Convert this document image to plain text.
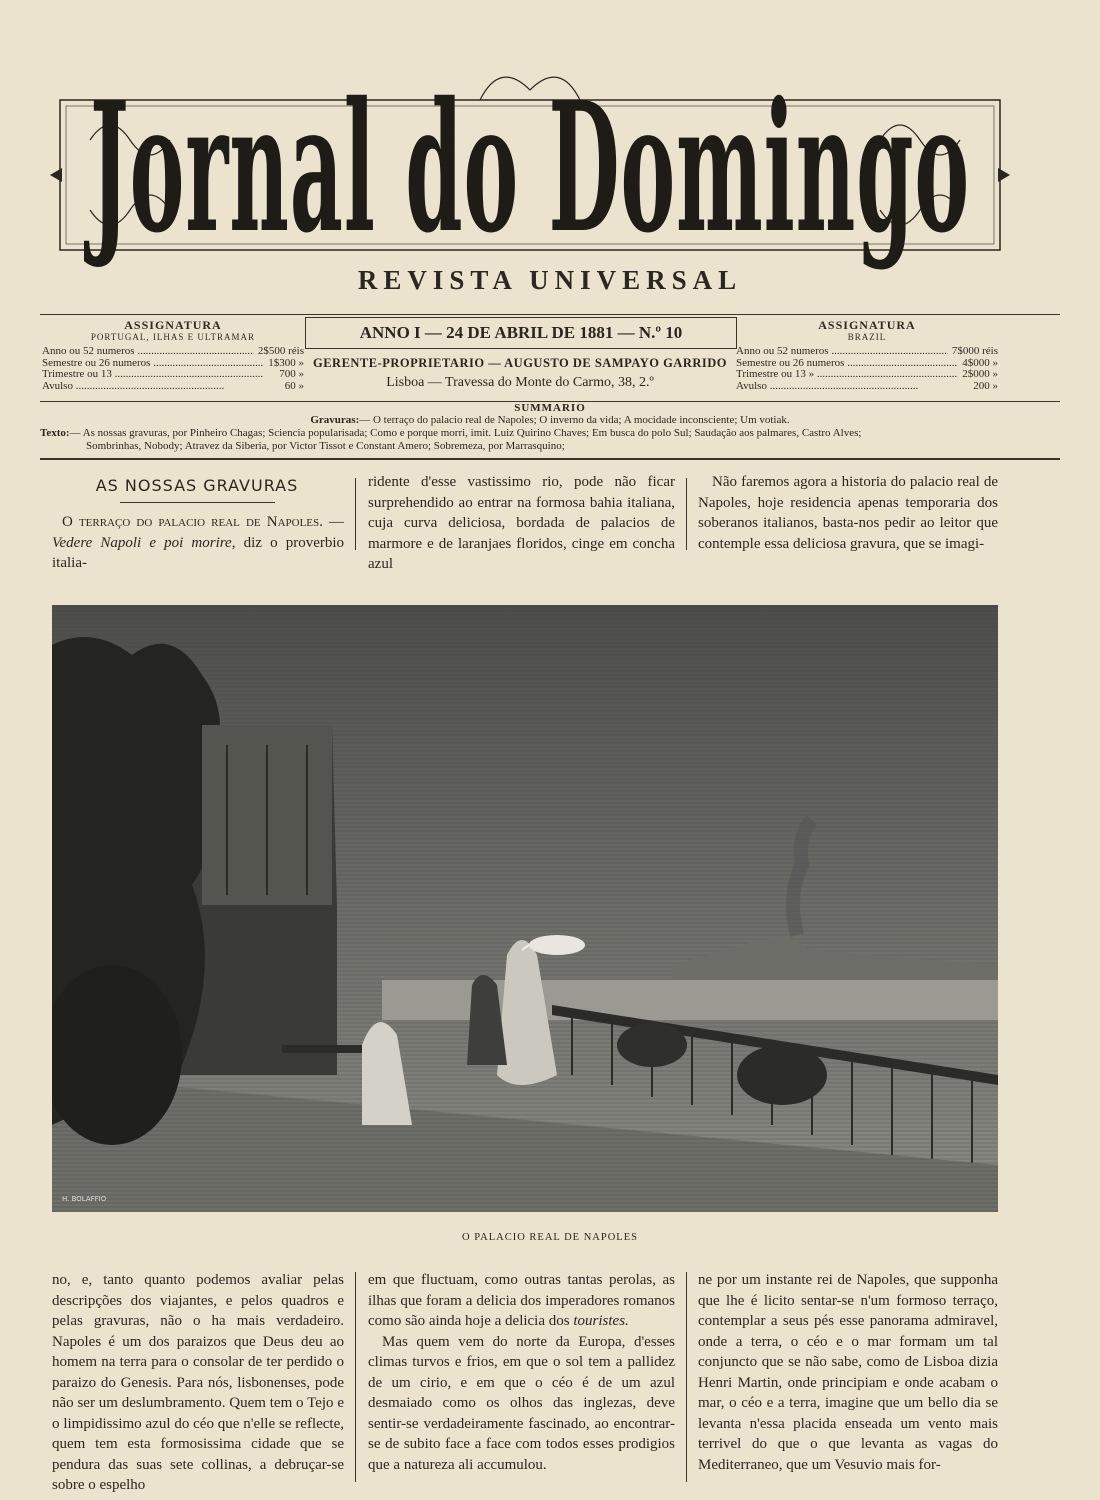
Jornal do Domingo
REVISTA UNIVERSAL
ASSIGNATURA
PORTUGAL, ILHAS E ULTRAMAR
Anno ou 52 numeros .....	2$500 réis
Semestre ou 26 numeros .....	1$300 »
Trimestre ou 13 .....	700 »
Avulso .....	60 »
ANNO I — 24 DE ABRIL DE 1881 — N.º 10
GERENTE-PROPRIETARIO — AUGUSTO DE SAMPAYO GARRIDO
Lisboa — Travessa do Monte do Carmo, 38, 2.º
ASSIGNATURA
BRAZIL
Anno ou 52 numeros .....	7$000 réis
Semestre ou 26 numeros .....	4$000 »
Trimestre ou 13 » .....	2$000 »
Avulso .....	200 »
SUMMARIO
Gravuras:— O terraço do palacio real de Napoles; O inverno da vida; A mocidade inconsciente; Um votiak.
Texto:— As nossas gravuras, por Pinheiro Chagas; Sciencia popularisada; Como e porque morri, imit. Luiz Quirino Chaves; Em busca do polo Sul; Saudação aos palmares, Castro Alves;
Sombrinhas, Nobody; Atravez da Siberia, por Victor Tissot e Constant Amero; Sobremeza, por Marrasquino;
AS NOSSAS GRAVURAS

O terraço do palacio real de Napoles. — Vedere Napoli e poi morire, diz o proverbio italia-

ridente d'esse vastissimo rio, pode não ficar surprehendido ao entrar na formosa bahia italiana, cuja curva deliciosa, bordada de palacios de marmore e de laranjaes floridos, cinge em concha azul
Não faremos agora a historia do palacio real de Napoles, hoje residencia apenas temporaria dos soberanos italianos, basta-nos pedir ao leitor que contemple essa deliciosa gravura, que se imagi-
H. BOLAFFIO
O PALACIO REAL DE NAPOLES
no, e, tanto quanto podemos avaliar pelas descripções dos viajantes, e pelos quadros e pelas gravuras, não o ha mais verdadeiro. Napoles é um dos paraizos que Deus deu ao homem na terra para o consolar de ter perdido o paraizo do Genesis. Para nós, lisbonenses, pode não ser um deslumbramento. Quem tem o Tejo e o limpidissimo azul do céo que n'elle se reflecte, quem tem esta formosissima cidade que se pendura das suas sete collinas, a debruçar-se sobre o espelho

em que fluctuam, como outras tantas perolas, as ilhas que foram a delicia dos imperadores romanos como são ainda hoje a delicia dos touristes.

Mas quem vem do norte da Europa, d'esses climas turvos e frios, em que o sol tem a pallidez de um cirio, e em que o céo é de um azul desmaiado como os olhos das inglezas, deve sentir-se verdadeiramente fascinado, ao encontrar-se de subito face a face com todos esses prodigios que a natureza ali accumulou.

ne por um instante rei de Napoles, que supponha que lhe é licito sentar-se n'um formoso terraço, contemplar a seus pés esse panorama admiravel, onde a terra, o céo e o mar formam um tal conjuncto que se não sabe, como de Lisboa dizia Henri Martin, onde principiam e onde acabam o mar, o céo e a terra, imagine que um bello dia se levanta n'essa placida enseada um vento mais terrivel do que o que levanta as vagas do Mediterraneo, que um Vesuvio mais for-
